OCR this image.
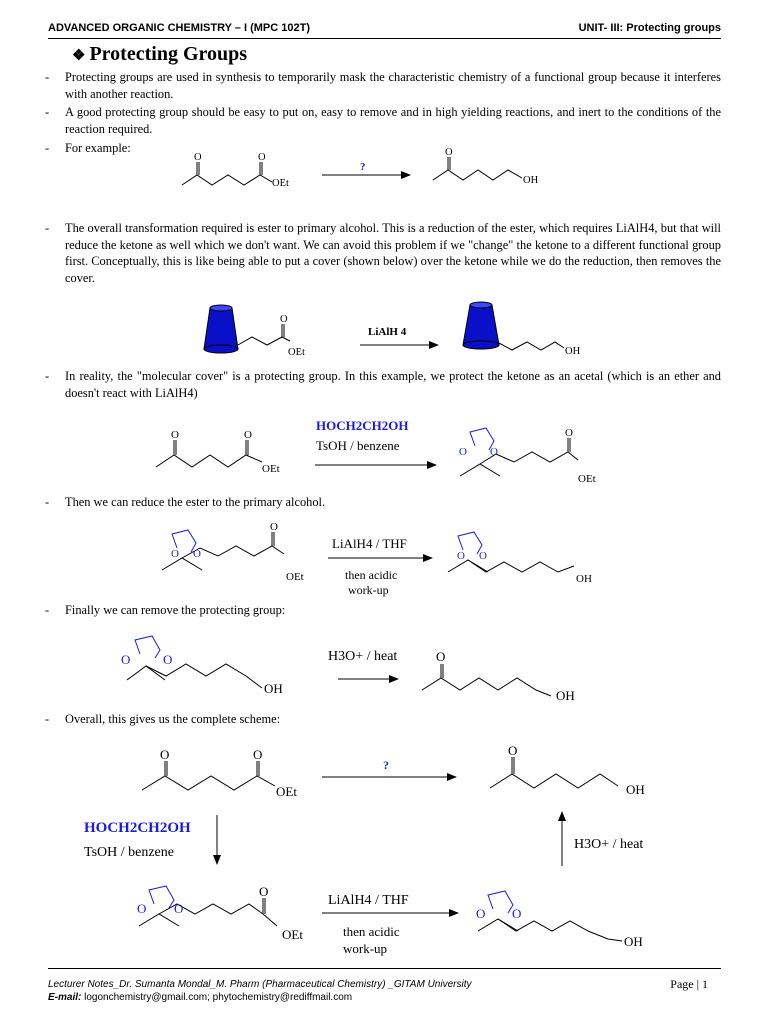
ADVANCED ORGANIC CHEMISTRY – I (MPC 102T)	UNIT- III: Protecting groups
❖ Protecting Groups
- Protecting groups are used in synthesis to temporarily mask the characteristic chemistry of a functional group because it interferes with another reaction.
- A good protecting group should be easy to put on, easy to remove and in high yielding reactions, and inert to the conditions of the reaction required.
- For example:
- The overall transformation required is ester to primary alcohol. This is a reduction of the ester, which requires LiAlH4, but that will reduce the ketone as well which we don't want. We can avoid this problem if we "change" the ketone to a different functional group first. Conceptually, this is like being able to put a cover (shown below) over the ketone while we do the reduction, then removes the cover.
- In reality, the "molecular cover" is a protecting group. In this example, we protect the ketone as an acetal (which is an ether and doesn't react with LiAlH4)
- Then we can reduce the ester to the primary alcohol.
- Finally we can remove the protecting group:
- Overall, this gives us the complete scheme:
O	O
OEt
O
OH
?
O
OEt	OH
LiAlH 4
O	O
OEt
O O
O
OEt
HOCH2CH2OH
TsOH / benzene
O O
O
OEt
O O
OH
LiAlH4 / THF
then acidic
work-up
O	O
OH
O
OH
H3O+ / heat
O	O
OEt
O
OH
O O
O
OEt
O O
OH
?
HOCH2CH2OH
TsOH / benzene
H3O+ / heat
LiAlH4 / THF
then acidic
work-up
Lecturer Notes_Dr. Sumanta Mondal_M. Pharm (Pharmaceutical Chemistry) _GITAM University
E-mail: logonchemistry@gmail.com; phytochemistry@rediffmail.com
Page | 1
